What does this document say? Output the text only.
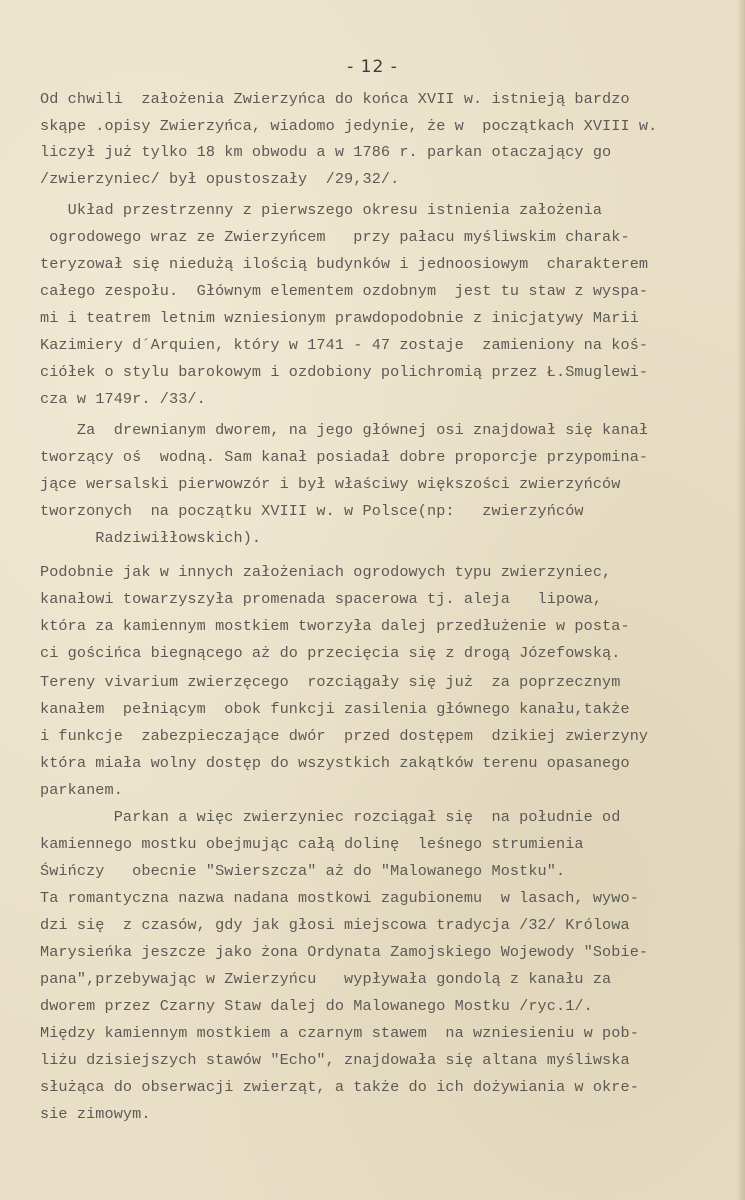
- 12 -
Od chwili  założenia Zwierzyńca do końca XVII w. istnieją bardzo
skąpe .opisy Zwierzyńca, wiadomo jedynie, że w  początkach XVIII w.
liczył już tylko 18 km obwodu a w 1786 r. parkan otaczający go
/zwierzyniec/ był opustoszały  /29,32/.
Układ przestrzenny z pierwszego okresu istnienia założenia
ogrodowego wraz ze Zwierzyńcem   przy pałacu myśliwskim charak-
teryzował się niedużą ilością budynków i jednoosiowym  charakterem
całego zespołu.  Głównym elementem ozdobnym  jest tu staw z wyspa-
mi i teatrem letnim wzniesionym prawdopodobnie z inicjatywy Marii
Kazimiery d´Arquien, który w 1741 - 47 zostaje  zamieniony na koś-
ciółek o stylu barokowym i ozdobiony polichromią przez Ł.Smuglewi-
cza w 1749r. /33/.
Za  drewnianym dworem, na jego głównej osi znajdował się kanał
tworzący oś  wodną. Sam kanał posiadał dobre proporcje przypomina-
jące wersalski pierwowzór i był właściwy większości zwierzyńców
tworzonych  na początku XVIII w. w Polsce(np:   zwierzyńców
Radziwiłłowskich).
Podobnie jak w innych założeniach ogrodowych typu zwierzyniec,
kanałowi towarzyszyła promenada spacerowa tj. aleja   lipowa,
która za kamiennym mostkiem tworzyła dalej przedłużenie w posta-
ci gościńca biegnącego aż do przecięcia się z drogą Józefowską.
Tereny vivarium zwierzęcego  rozciągały się już  za poprzecznym
kanałem  pełniącym  obok funkcji zasilenia głównego kanału,także
i funkcje  zabezpieczające dwór  przed dostępem  dzikiej zwierzyny
która miała wolny dostęp do wszystkich zakątków terenu opasanego
parkanem.
Parkan a więc zwierzyniec rozciągał się  na południe od
kamiennego mostku obejmując całą dolinę  leśnego strumienia
Świńczy   obecnie "Swierszcza" aż do "Malowanego Mostku".
Ta romantyczna nazwa nadana mostkowi zagubionemu  w lasach, wywo-
dzi się  z czasów, gdy jak głosi miejscowa tradycja /32/ Królowa
Marysieńka jeszcze jako żona Ordynata Zamojskiego Wojewody "Sobie-
pana",przebywając w Zwierzyńcu   wypływała gondolą z kanału za
dworem przez Czarny Staw dalej do Malowanego Mostku /ryc.1/.
Między kamiennym mostkiem a czarnym stawem  na wzniesieniu w pob-
liżu dzisiejszych stawów "Echo", znajdowała się altana myśliwska
służąca do obserwacji zwierząt, a także do ich dożywiania w okre-
sie zimowym.
